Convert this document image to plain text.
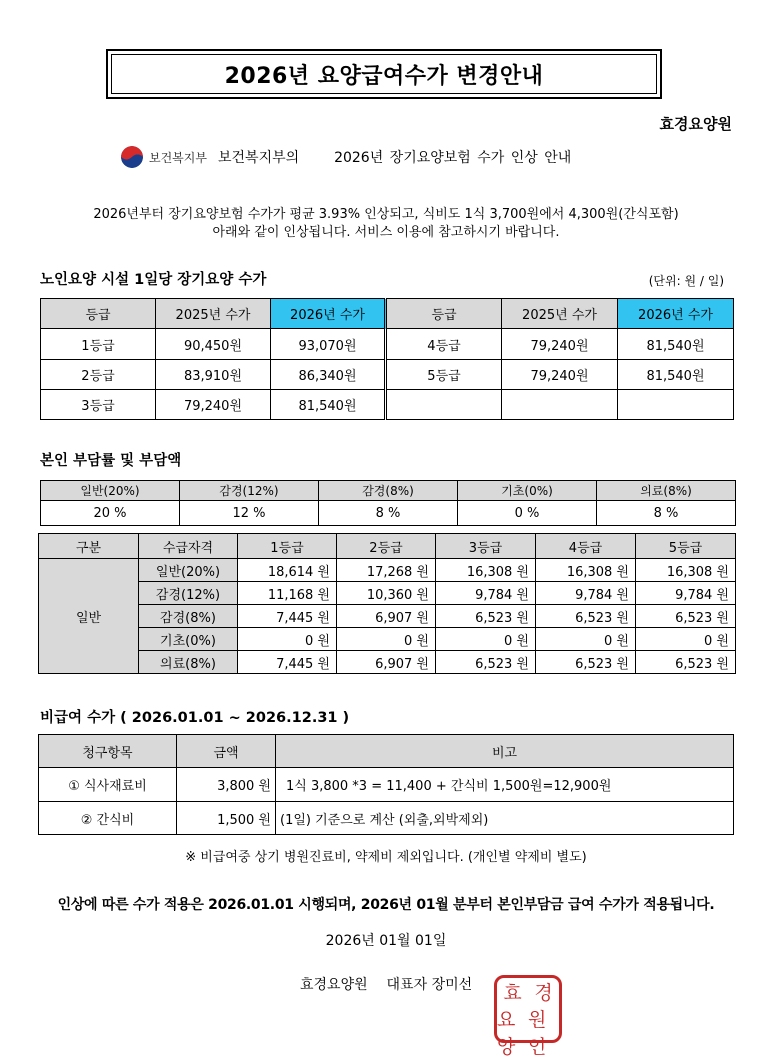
2026년 요양급여수가 변경안내
효경요양원
보건복지부 보건복지부의 2026년 장기요양보험 수가 인상 안내
2026년부터 장기요양보험 수가가 평균 3.93% 인상되고, 식비도 1식 3,700원에서 4,300원(간식포함)
아래와 같이 인상됩니다. 서비스 이용에 참고하시기 바랍니다.
노인요양 시설 1일당 장기요양 수가	(단위: 원 / 일)
등급	2025년 수가	2026년 수가	등급	2025년 수가	2026년 수가
1등급	90,450원	93,070원	4등급	79,240원	81,540원
2등급	83,910원	86,340원	5등급	79,240원	81,540원
3등급	79,240원	81,540원			
본인 부담률 및 부담액
일반(20%)	감경(12%)	감경(8%)	기초(0%)	의료(8%)
20 %	12 %	8 %	0 %	8 %
구분	수급자격	1등급	2등급	3등급	4등급	5등급
일반	일반(20%)	18,614 원	17,268 원	16,308 원	16,308 원	16,308 원
	감경(12%)	11,168 원	10,360 원	9,784 원	9,784 원	9,784 원
	감경(8%)	7,445 원	6,907 원	6,523 원	6,523 원	6,523 원
	기초(0%)	0 원	0 원	0 원	0 원	0 원
	의료(8%)	7,445 원	6,907 원	6,523 원	6,523 원	6,523 원
비급여 수가 ( 2026.01.01 ~ 2026.12.31 )
청구항목	금액	비고
① 식사재료비	3,800 원	1식 3,800 *3 = 11,400 + 간식비 1,500원=12,900원
② 간식비	1,500 원	(1일) 기준으로 계산 (외출,외박제외)
※ 비급여중 상기 병원진료비, 약제비 제외입니다. (개인별 약제비 별도)
인상에 따른 수가 적용은 2026.01.01 시행되며, 2026년 01월 분부터 본인부담금 급여 수가가 적용됩니다.
2026년 01월 01일
효경요양원 대표자 장미선 효 경
요양
원인
